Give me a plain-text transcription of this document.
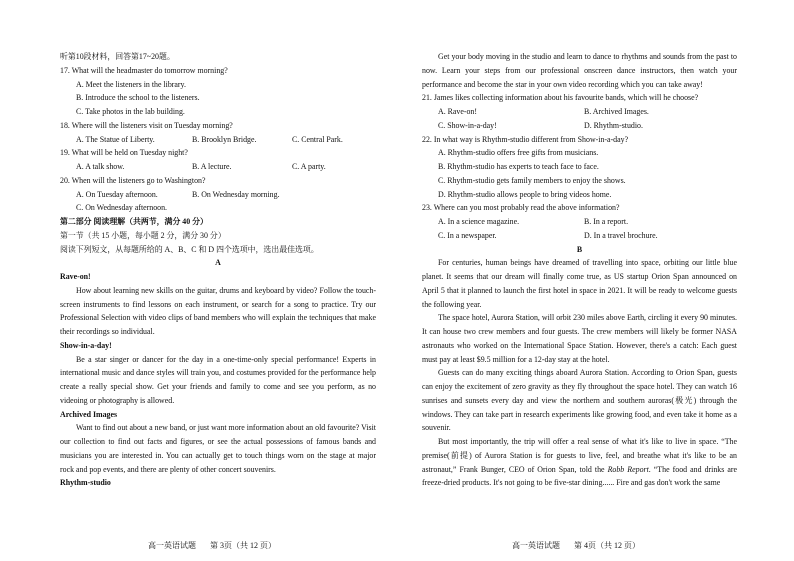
听第10段材料，回答第17~20题。

17. What will the headmaster do tomorrow morning?

A. Meet the listeners in the library.

B. Introduce the school to the listeners.

C. Take photos in the lab building.

18. Where will the listeners visit on Tuesday morning?

A. The Statue of Liberty.	B. Brooklyn Bridge.	C. Central Park.

19. What will be held on Tuesday night?

A. A talk show.	B. A lecture.	C. A party.

20. When will the listeners go to Washington?

A. On Tuesday afternoon.	B. On Wednesday morning.

C. On Wednesday afternoon.

第二部分 阅读理解（共两节，满分 40 分）

第一节（共 15 小题，每小题 2 分，满分 30 分）

阅读下列短文，从每题所给的 A、B、C 和 D 四个选项中，选出最佳选项。

A

Rave-on!

How about learning new skills on the guitar, drums and keyboard by video? Follow the touch-screen instruments to find lessons on each instrument, or search for a song to practice. Try our Professional Selection with video clips of band members who will explain the techniques that make their recordings so individual.

Show-in-a-day!

Be a star singer or dancer for the day in a one-time-only special performance! Experts in international music and dance styles will train you, and costumes provided for the performance help create a really special show. Get your friends and family to come and see you perform, as no videoing or photography is allowed.

Archived Images

Want to find out about a new band, or just want more information about an old favourite? Visit our collection to find out facts and figures, or see the actual possessions of famous bands and musicians you are interested in. You can actually get to touch things worn on the stage at major rock and pop events, and there are plenty of other concert souvenirs.

Rhythm-studio

Get your body moving in the studio and learn to dance to rhythms and sounds from the past to now. Learn your steps from our professional onscreen dance instructors, then watch your performance and become the star in your own video recording which you can take away!

21. James likes collecting information about his favourite bands, which will he choose?

A. Rave-on!	B. Archived Images.
C. Show-in-a-day!	D. Rhythm-studio.

22. In what way is Rhythm-studio different from Show-in-a-day?

A. Rhythm-studio offers free gifts from musicians.

B. Rhythm-studio has experts to teach face to face.

C. Rhythm-studio gets family members to enjoy the shows.

D. Rhythm-studio allows people to bring videos home.

23. Where can you most probably read the above information?

A. In a science magazine.	B. In a report.
C. In a newspaper.	D. In a travel brochure.

B

For centuries, human beings have dreamed of travelling into space, orbiting our little blue planet. It seems that our dream will finally come true, as US startup Orion Span announced on April 5 that it planned to launch the first hotel in space in 2021. It will be ready to welcome guests the following year.

The space hotel, Aurora Station, will orbit 230 miles above Earth, circling it every 90 minutes. It can house two crew members and four guests. The crew members will likely be former NASA astronauts who worked on the International Space Station. However, there's a catch: Each guest must pay at least $9.5 million for a 12-day stay at the hotel.

Guests can do many exciting things aboard Aurora Station. According to Orion Span, guests can enjoy the excitement of zero gravity as they fly throughout the space hotel. They can watch 16 sunrises and sunsets every day and view the northern and southern auroras(极光) through the windows. They can take part in research experiments like growing food, and even take it home as a souvenir.

But most importantly, the trip will offer a real sense of what it's like to live in space. “The premise(前提) of Aurora Station is for guests to live, feel, and breathe what it's like to be an astronaut,” Frank Bunger, CEO of Orion Span, told the Robb Report. “The food and drinks are freeze-dried products. It's not going to be five-star dining...... Fire and gas don't work the same

高一英语试题 第 3页（共 12 页）	高一英语试题 第 4页（共 12 页）
